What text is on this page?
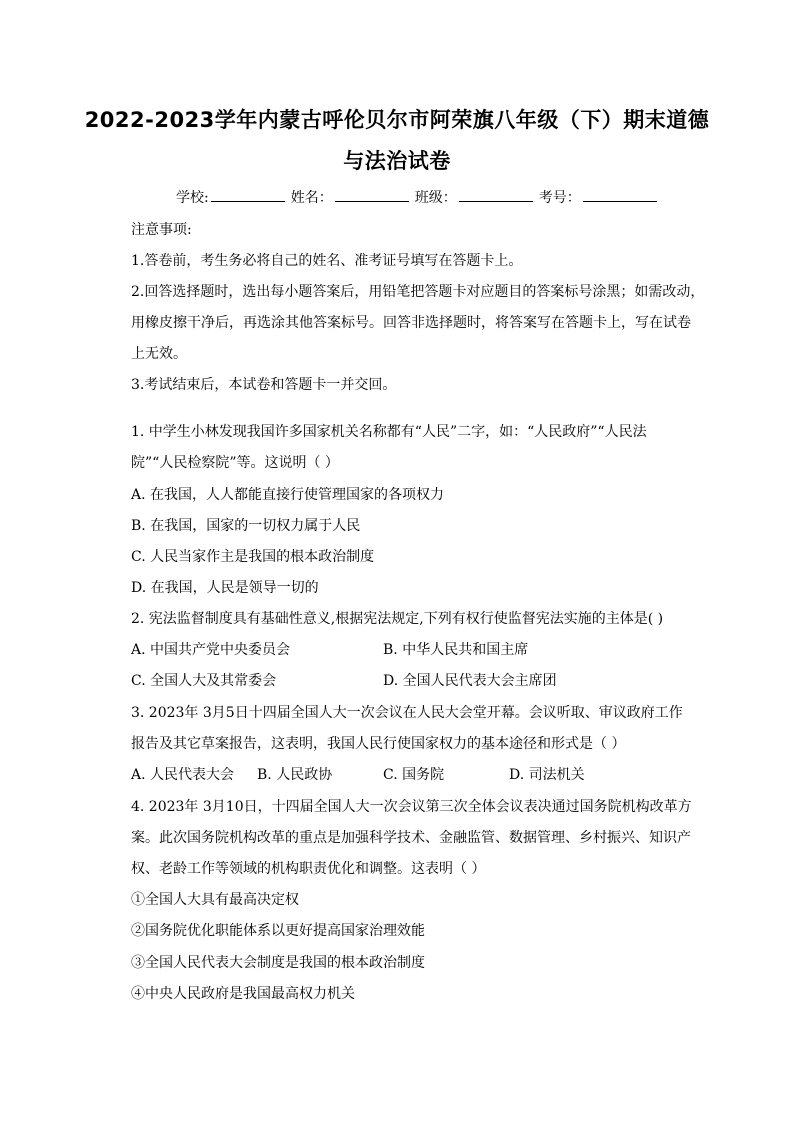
2022-2023学年内蒙古呼伦贝尔市阿荣旗八年级（下）期末道德
与法治试卷
学校:	姓名：	班级：	考号：
注意事项:
1.答卷前，考生务必将自己的姓名、准考证号填写在答题卡上。
2.回答选择题时，选出每小题答案后，用铅笔把答题卡对应题目的答案标号涂黑；如需改动，
用橡皮擦干净后，再选涂其他答案标号。回答非选择题时，将答案写在答题卡上，写在试卷
上无效。
3.考试结束后，本试卷和答题卡一并交回。
1. 中学生小林发现我国许多国家机关名称都有“人民”二字，如：“人民政府”“人民法
院”“人民检察院”等。这说明（ ）
A. 在我国，人人都能直接行使管理国家的各项权力
B. 在我国，国家的一切权力属于人民
C. 人民当家作主是我国的根本政治制度
D. 在我国，人民是领导一切的
2. 宪法监督制度具有基础性意义,根据宪法规定,下列有权行使监督宪法实施的主体是( )
A. 中国共产党中央委员会	B. 中华人民共和国主席
C. 全国人大及其常委会	D. 全国人民代表大会主席团
3. 2023年 3月5日十四届全国人大一次会议在人民大会堂开幕。会议听取、审议政府工作
报告及其它草案报告，这表明，我国人民行使国家权力的基本途径和形式是（ ）
A. 人民代表大会 B. 人民政协	C. 国务院	D. 司法机关
4. 2023年 3月10日，十四届全国人大一次会议第三次全体会议表决通过国务院机构改革方
案。此次国务院机构改革的重点是加强科学技术、金融监管、数据管理、乡村振兴、知识产
权、老龄工作等领域的机构职责优化和调整。这表明（ ）
①全国人大具有最高决定权
②国务院优化职能体系以更好提高国家治理效能
③全国人民代表大会制度是我国的根本政治制度
④中央人民政府是我国最高权力机关
